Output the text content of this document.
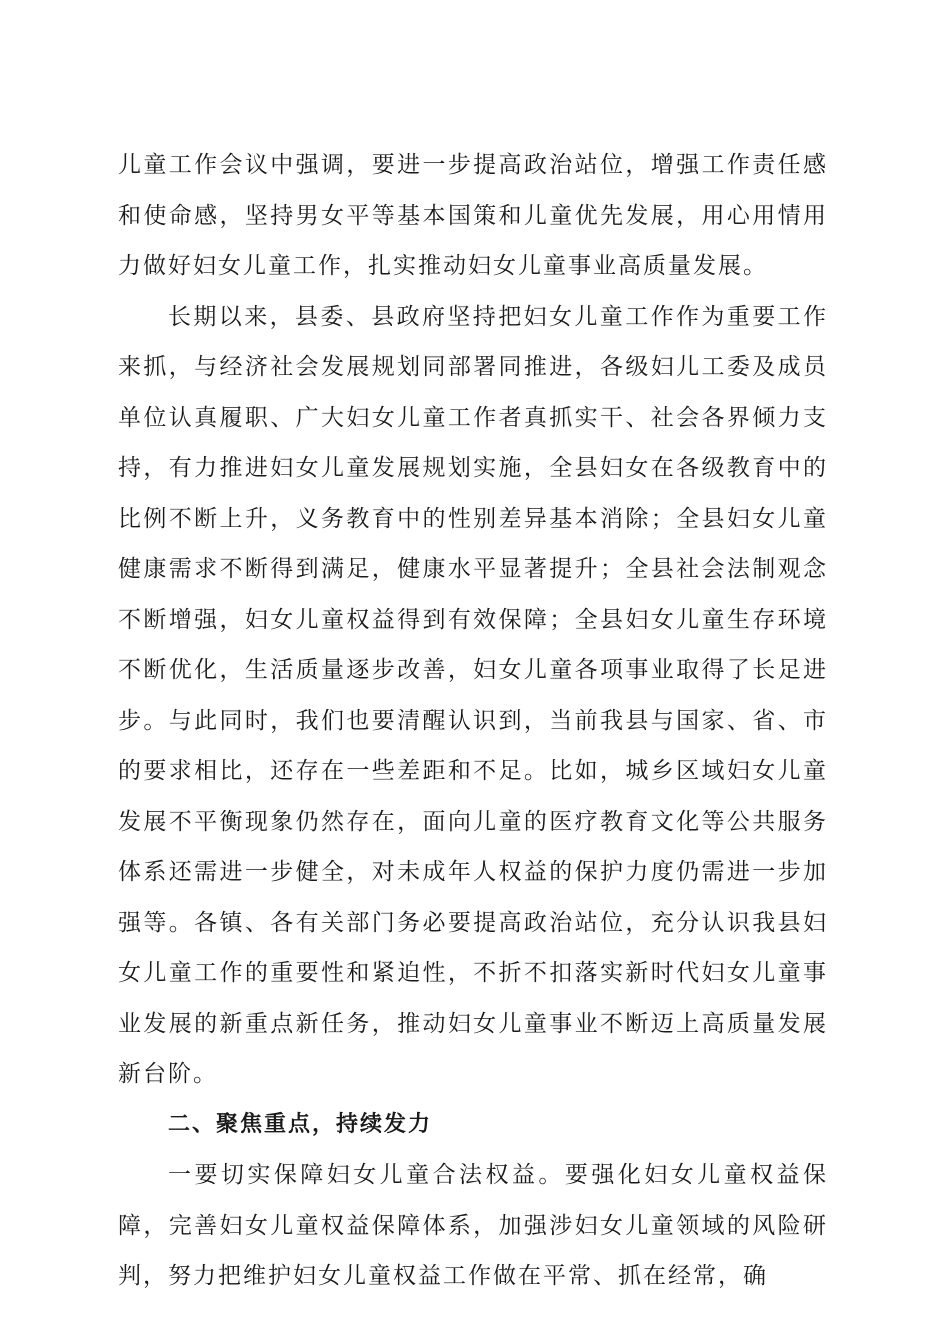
儿童工作会议中强调，要进一步提高政治站位，增强工作责任感和使命感，坚持男女平等基本国策和儿童优先发展，用心用情用力做好妇女儿童工作，扎实推动妇女儿童事业高质量发展。

长期以来，县委、县政府坚持把妇女儿童工作作为重要工作来抓，与经济社会发展规划同部署同推进，各级妇儿工委及成员单位认真履职、广大妇女儿童工作者真抓实干、社会各界倾力支持，有力推进妇女儿童发展规划实施，全县妇女在各级教育中的比例不断上升，义务教育中的性别差异基本消除；全县妇女儿童健康需求不断得到满足，健康水平显著提升；全县社会法制观念不断增强，妇女儿童权益得到有效保障；全县妇女儿童生存环境不断优化，生活质量逐步改善，妇女儿童各项事业取得了长足进步。与此同时，我们也要清醒认识到，当前我县与国家、省、市的要求相比，还存在一些差距和不足。比如，城乡区域妇女儿童发展不平衡现象仍然存在，面向儿童的医疗教育文化等公共服务体系还需进一步健全，对未成年人权益的保护力度仍需进一步加强等。各镇、各有关部门务必要提高政治站位，充分认识我县妇女儿童工作的重要性和紧迫性，不折不扣落实新时代妇女儿童事业发展的新重点新任务，推动妇女儿童事业不断迈上高质量发展新台阶。

二、聚焦重点，持续发力

一要切实保障妇女儿童合法权益。要强化妇女儿童权益保障，完善妇女儿童权益保障体系，加强涉妇女儿童领域的风险研判，努力把维护妇女儿童权益工作做在平常、抓在经常，确
